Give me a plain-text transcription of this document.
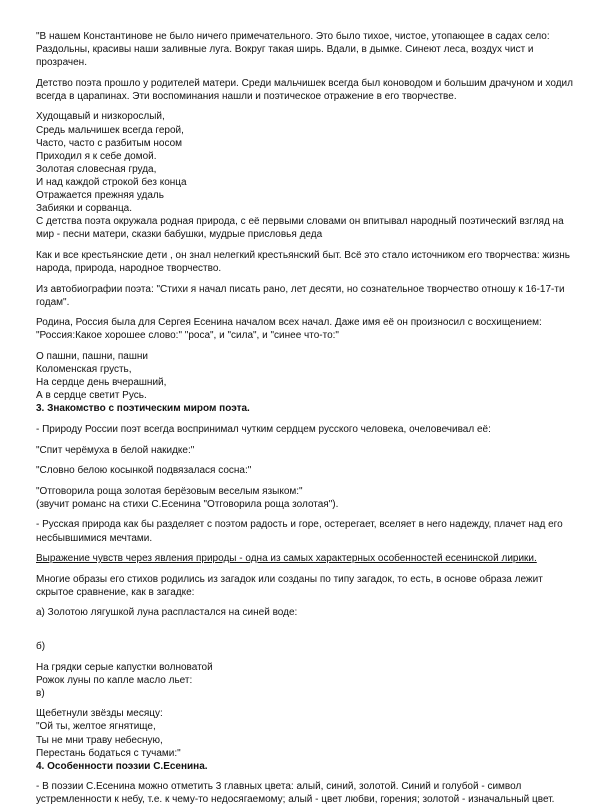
"В нашем Константинове не было ничего примечательного. Это было тихое, чистое, утопающее в садах село: Раздольны, красивы наши заливные луга. Вокруг такая ширь. Вдали, в дымке. Синеют леса, воздух чист и прозрачен.

Детство поэта прошло у родителей матери. Среди мальчишек всегда был коноводом и большим драчуном и ходил всегда в царапинах. Эти воспоминания нашли и поэтическое отражение в его творчестве.

Худощавый и низкорослый,

Средь мальчишек всегда герой,

Часто, часто с разбитым носом

Приходил я к себе домой.

Золотая словесная груда,

И над каждой строкой без конца

Отражается прежняя удаль

Забияки и сорванца.

С детства поэта окружала родная природа, с её первыми словами он впитывал народный поэтический взгляд на мир - песни матери, сказки бабушки, мудрые присловья деда

Как и все крестьянские дети , он знал нелегкий крестьянский быт. Всё это стало источником его творчества: жизнь народа, природа, народное творчество.

Из автобиографии поэта: "Стихи я начал писать рано, лет десяти, но сознательное творчество отношу к 16-17-ти годам".

Родина, Россия была для Сергея Есенина началом всех начал. Даже имя её он произносил с восхищением: "Россия:Какое хорошее слово:" "роса", и "сила", и "синее что-то:"

О пашни, пашни, пашни

Коломенская грусть,

На сердце день вчерашний,

А в сердце светит Русь.

3. Знакомство с поэтическим миром поэта.

- Природу России поэт всегда воспринимал чутким сердцем русского человека, очеловечивал её:

"Спит черёмуха в белой накидке:"

"Словно белою косынкой подвязалася сосна:"

"Отговорила роща золотая берёзовым веселым языком:"

(звучит романс на стихи С.Есенина "Отговорила роща золотая").

- Русская природа как бы разделяет с поэтом радость и горе, остерегает, вселяет в него надежду, плачет над его несбывшимися мечтами.

Выражение чувств через явления природы - одна из самых характерных особенностей есенинской лирики.

Многие образы его стихов родились из загадок или созданы по типу загадок, то есть, в основе образа лежит скрытое сравнение, как в загадке:

а) Золотою лягушкой луна распластался на синей воде:

б)

На грядки серые капустки волноватой

Рожок луны по капле масло льет:

в)

Щебетнули звёзды месяцу:

"Ой ты, желтое ягнятище,

Ты не мни траву небесную,

Перестань бодаться с тучами:"

4. Особенности поэзии С.Есенина.

- В поэзии С.Есенина можно отметить 3 главных цвета: алый, синий, золотой. Синий и голубой - символ устремленности к небу, т.е. к чему-то недосягаемому; алый - цвет любви, горения; золотой - изначальный цвет.
